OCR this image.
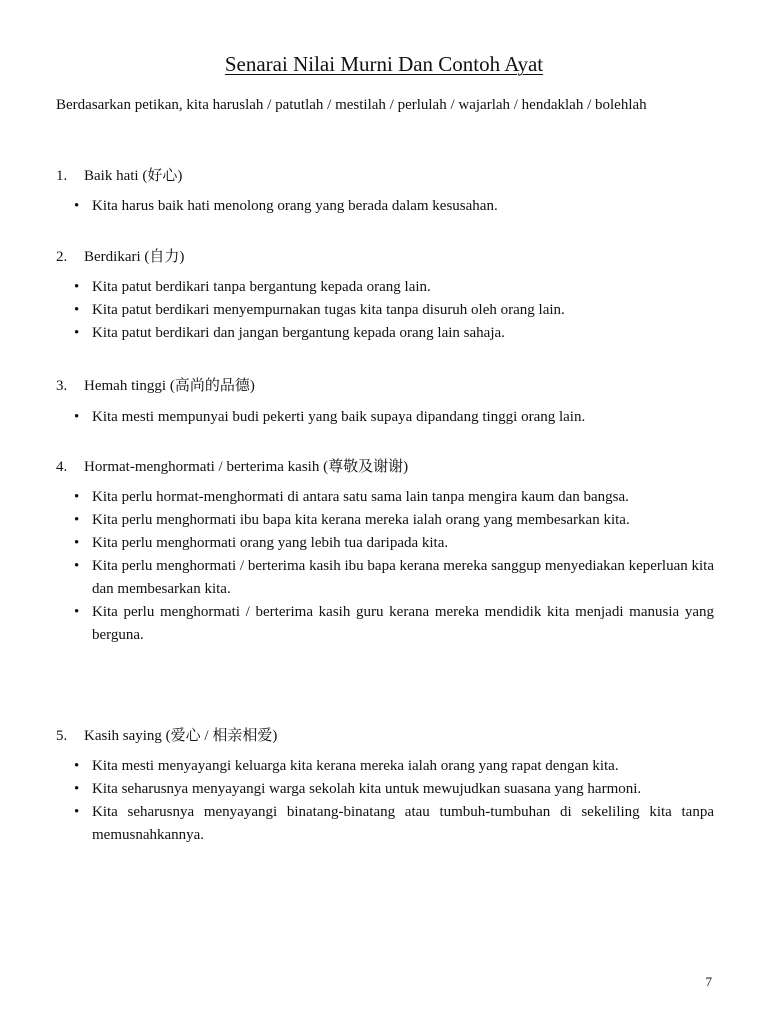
Senarai Nilai Murni Dan Contoh Ayat
Berdasarkan petikan, kita haruslah / patutlah / mestilah / perlulah / wajarlah / hendaklah / bolehlah
1. Baik hati (好心)
• Kita harus baik hati menolong orang yang berada dalam kesusahan.
2. Berdikari (自力)
• Kita patut berdikari tanpa bergantung kepada orang lain.
• Kita patut berdikari menyempurnakan tugas kita tanpa disuruh oleh orang lain.
• Kita patut berdikari dan jangan bergantung kepada orang lain sahaja.
3. Hemah tinggi (高尚的品德)
• Kita mesti mempunyai budi pekerti yang baik supaya dipandang tinggi orang lain.
4. Hormat-menghormati / berterima kasih (尊敬及谢谢)
• Kita perlu hormat-menghormati di antara satu sama lain tanpa mengira kaum dan bangsa.
• Kita perlu menghormati ibu bapa kita kerana mereka ialah orang yang membesarkan kita.
• Kita perlu menghormati orang yang lebih tua daripada kita.
• Kita perlu menghormati / berterima kasih ibu bapa kerana mereka sanggup menyediakan keperluan kita dan membesarkan kita.
• Kita perlu menghormati / berterima kasih guru kerana mereka mendidik kita menjadi manusia yang berguna.
5. Kasih saying (爱心 / 相亲相爱)
• Kita mesti menyayangi keluarga kita kerana mereka ialah orang yang rapat dengan kita.
• Kita seharusnya menyayangi warga sekolah kita untuk mewujudkan suasana yang harmoni.
• Kita seharusnya menyayangi binatang-binatang atau tumbuh-tumbuhan di sekeliling kita tanpa memusnahkannya.
7
